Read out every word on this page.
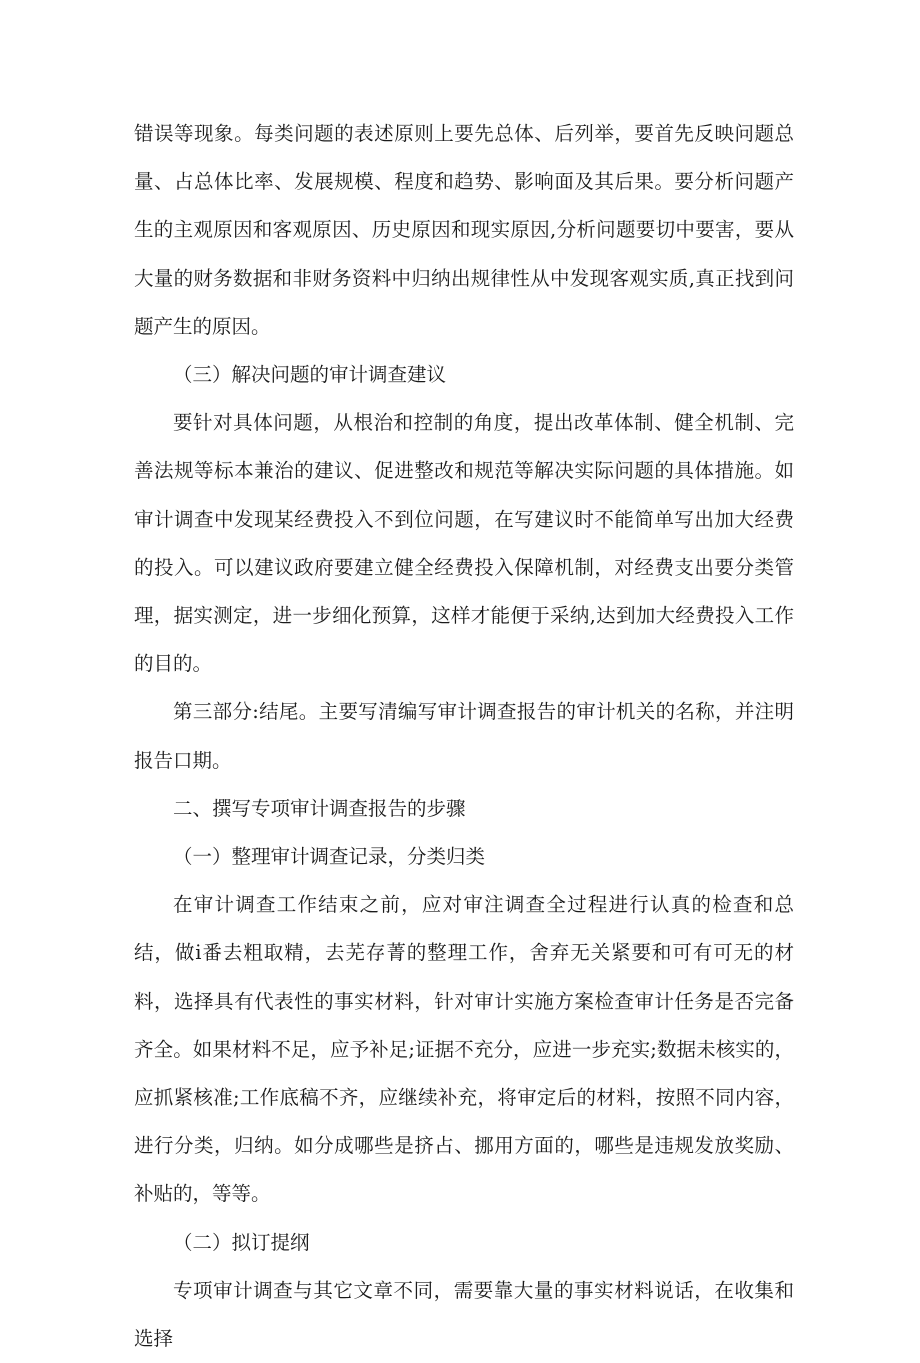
错误等现象。每类问题的表述原则上要先总体、后列举，要首先反映问题总量、占总体比率、发展规模、程度和趋势、影响面及其后果。要分析问题产生的主观原因和客观原因、历史原因和现实原因,分析问题要切中要害，要从大量的财务数据和非财务资料中归纳出规律性从中发现客观实质,真正找到问题产生的原因。

（三）解决问题的审计调查建议

要针对具体问题，从根治和控制的角度，提出改革体制、健全机制、完善法规等标本兼治的建议、促进整改和规范等解决实际问题的具体措施。如审计调查中发现某经费投入不到位问题，在写建议时不能简单写出加大经费的投入。可以建议政府要建立健全经费投入保障机制，对经费支出要分类管理，据实测定，进一步细化预算，这样才能便于采纳,达到加大经费投入工作的目的。

第三部分:结尾。主要写清编写审计调查报告的审计机关的名称，并注明报告口期。

二、撰写专项审计调查报告的步骤

（一）整理审计调查记录，分类归类

在审计调查工作结束之前，应对审注调查全过程进行认真的检查和总结，做i番去粗取精，去芜存菁的整理工作，舍弃无关紧要和可有可无的材料，选择具有代表性的事实材料，针对审计实施方案检查审计任务是否完备齐全。如果材料不足，应予补足;证据不充分，应进一步充实;数据未核实的，应抓紧核准;工作底稿不齐，应继续补充，将审定后的材料，按照不同内容，进行分类，归纳。如分成哪些是挤占、挪用方面的，哪些是违规发放奖励、补贴的，等等。

（二）拟订提纲

专项审计调查与其它文章不同，需要靠大量的事实材料说话，在收集和选择
